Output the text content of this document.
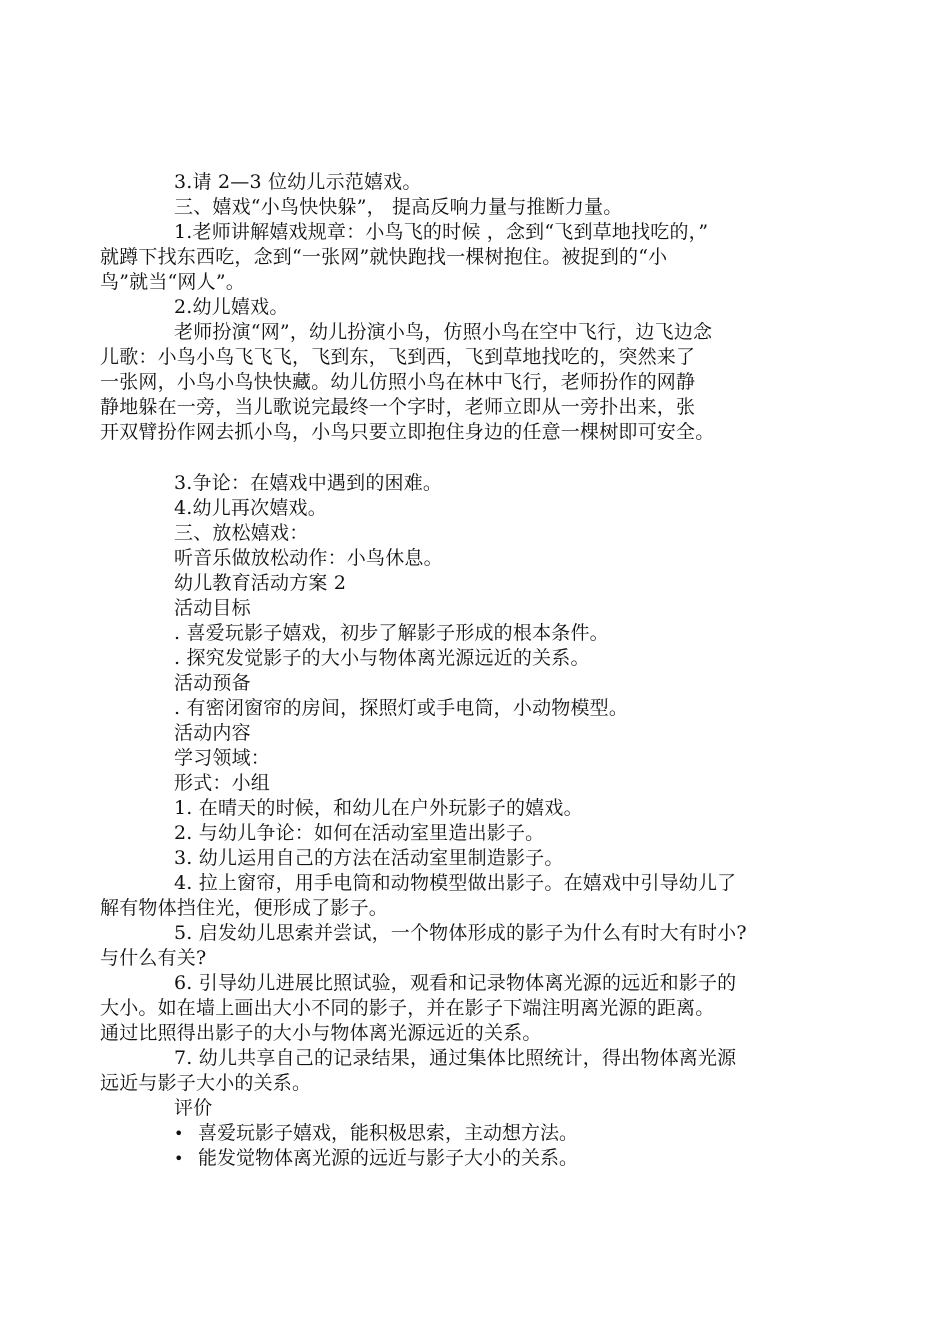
3.请 2—3 位幼儿示范嬉戏。
三、嬉戏“小鸟快快躲”， 提高反响力量与推断力量。
1.老师讲解嬉戏规章：小鸟飞的时候 ，念到“飞到草地找吃的，”
就蹲下找东西吃，念到“一张网”就快跑找一棵树抱住。被捉到的“小
鸟”就当“网人”。
2.幼儿嬉戏。
老师扮演“网”，幼儿扮演小鸟，仿照小鸟在空中飞行，边飞边念
儿歌：小鸟小鸟飞飞飞，飞到东，飞到西，飞到草地找吃的，突然来了
一张网，小鸟小鸟快快藏。幼儿仿照小鸟在林中飞行，老师扮作的网静
静地躲在一旁，当儿歌说完最终一个字时，老师立即从一旁扑出来，张
开双臂扮作网去抓小鸟，小鸟只要立即抱住身边的任意一棵树即可安全。
3.争论：在嬉戏中遇到的困难。
4.幼儿再次嬉戏。
三、放松嬉戏：
听音乐做放松动作：小鸟休息。
幼儿教育活动方案 2
活动目标
. 喜爱玩影子嬉戏，初步了解影子形成的根本条件。
. 探究发觉影子的大小与物体离光源远近的关系。
活动预备
. 有密闭窗帘的房间，探照灯或手电筒，小动物模型。
活动内容
学习领域：
形式：小组
1. 在晴天的时候，和幼儿在户外玩影子的嬉戏。
2. 与幼儿争论：如何在活动室里造出影子。
3. 幼儿运用自己的方法在活动室里制造影子。
4. 拉上窗帘，用手电筒和动物模型做出影子。在嬉戏中引导幼儿了
解有物体挡住光，便形成了影子。
5. 启发幼儿思索并尝试，一个物体形成的影子为什么有时大有时小?
与什么有关?
6. 引导幼儿进展比照试验，观看和记录物体离光源的远近和影子的
大小。如在墙上画出大小不同的影子，并在影子下端注明离光源的距离。
通过比照得出影子的大小与物体离光源远近的关系。
7. 幼儿共享自己的记录结果，通过集体比照统计，得出物体离光源
远近与影子大小的关系。
评价
• 喜爱玩影子嬉戏，能积极思索，主动想方法。
• 能发觉物体离光源的远近与影子大小的关系。
